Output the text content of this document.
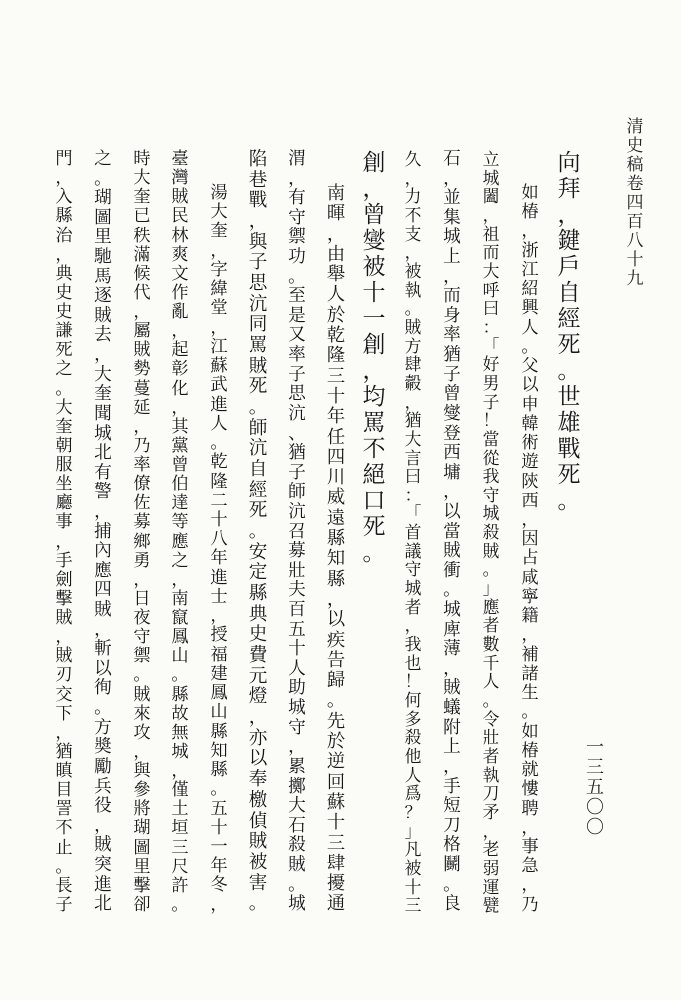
清史稿卷四百八十九
一三五〇〇
向
拜
，
鍵
戶
自
經
死
。
世
雄
戰
死
。
如
椿
，
浙
江
紹
興
人
。
父
以
申
韓
術
遊
陝
西
，
因
占
咸
寧
籍
，
補
諸
生
。
如
椿
就
慺
聘
，
事
急
，
乃
立
城
闔
，
祖
而
大
呼
曰
：
「
好
男
子
！
當
從
我
守
城
殺
賊
。
」
應
者
數
千
人
。
令
壯
者
執
刀
矛
，
老
弱
運
甓
石
，
並
集
城
上
，
而
身
率
猶
子
曾
燮
登
西
墉
，
以
當
賊
衝
。
城
庳
薄
，
賊
蟻
附
上
，
手
短
刀
格
鬭
。
良
久
，
力
不
支
，
被
執
。
賊
方
肆
㲉
，
猶
大
言
曰
：
「
首
議
守
城
者
，
我
也
！
何
多
殺
他
人
爲
？
」
凡
被
十
三
創
，
曾
燮
被
十
一
創
，
均
罵
不
絕
口
死
。
南
暉
，
由
舉
人
於
乾
隆
三
十
年
任
四
川
威
遠
縣
知
縣
，
以
疾
告
歸
。
先
於
逆
回
蘇
十
三
肆
擾
通
渭
，
有
守
禦
功
。
至
是
又
率
子
思
沆
、
猶
子
師
沆
召
募
壯
夫
百
五
十
人
助
城
守
，
累
擲
大
石
殺
賊
。
城
陷
巷
戰
，
與
子
思
沆
同
罵
賊
死
。
師
沆
自
經
死
。
安
定
縣
典
史
費
元
燈
，
亦
以
奉
檄
偵
賊
被
害
。
湯
大
奎
，
字
緯
堂
，
江
蘇
武
進
人
。
乾
隆
二
十
八
年
進
士
，
授
福
建
鳳
山
縣
知
縣
。
五
十
一
年
冬
，
臺
灣
賊
民
林
爽
文
作
亂
，
起
彰
化
，
其
黨
曾
伯
達
等
應
之
，
南
竄
鳳
山
。
縣
故
無
城
，
僅
土
垣
三
尺
許
。
時
大
奎
已
秩
滿
候
代
，
屬
賊
勢
蔓
延
，
乃
率
僚
佐
募
鄉
勇
，
日
夜
守
禦
。
賊
來
攻
，
與
參
將
瑚
圖
里
擊
卻
之
。
瑚
圖
里
馳
馬
逐
賊
去
，
大
奎
聞
城
北
有
警
，
捕
內
應
四
賊
，
斬
以
徇
。
方
奬
勵
兵
役
，
賊
突
進
北
門
，
入
縣
治
，
典
史
史
謙
死
之
。
大
奎
朝
服
坐
廳
事
，
手
劍
擊
賊
，
賊
刃
交
下
，
猶
瞋
目
詈
不
止
。
長
子
